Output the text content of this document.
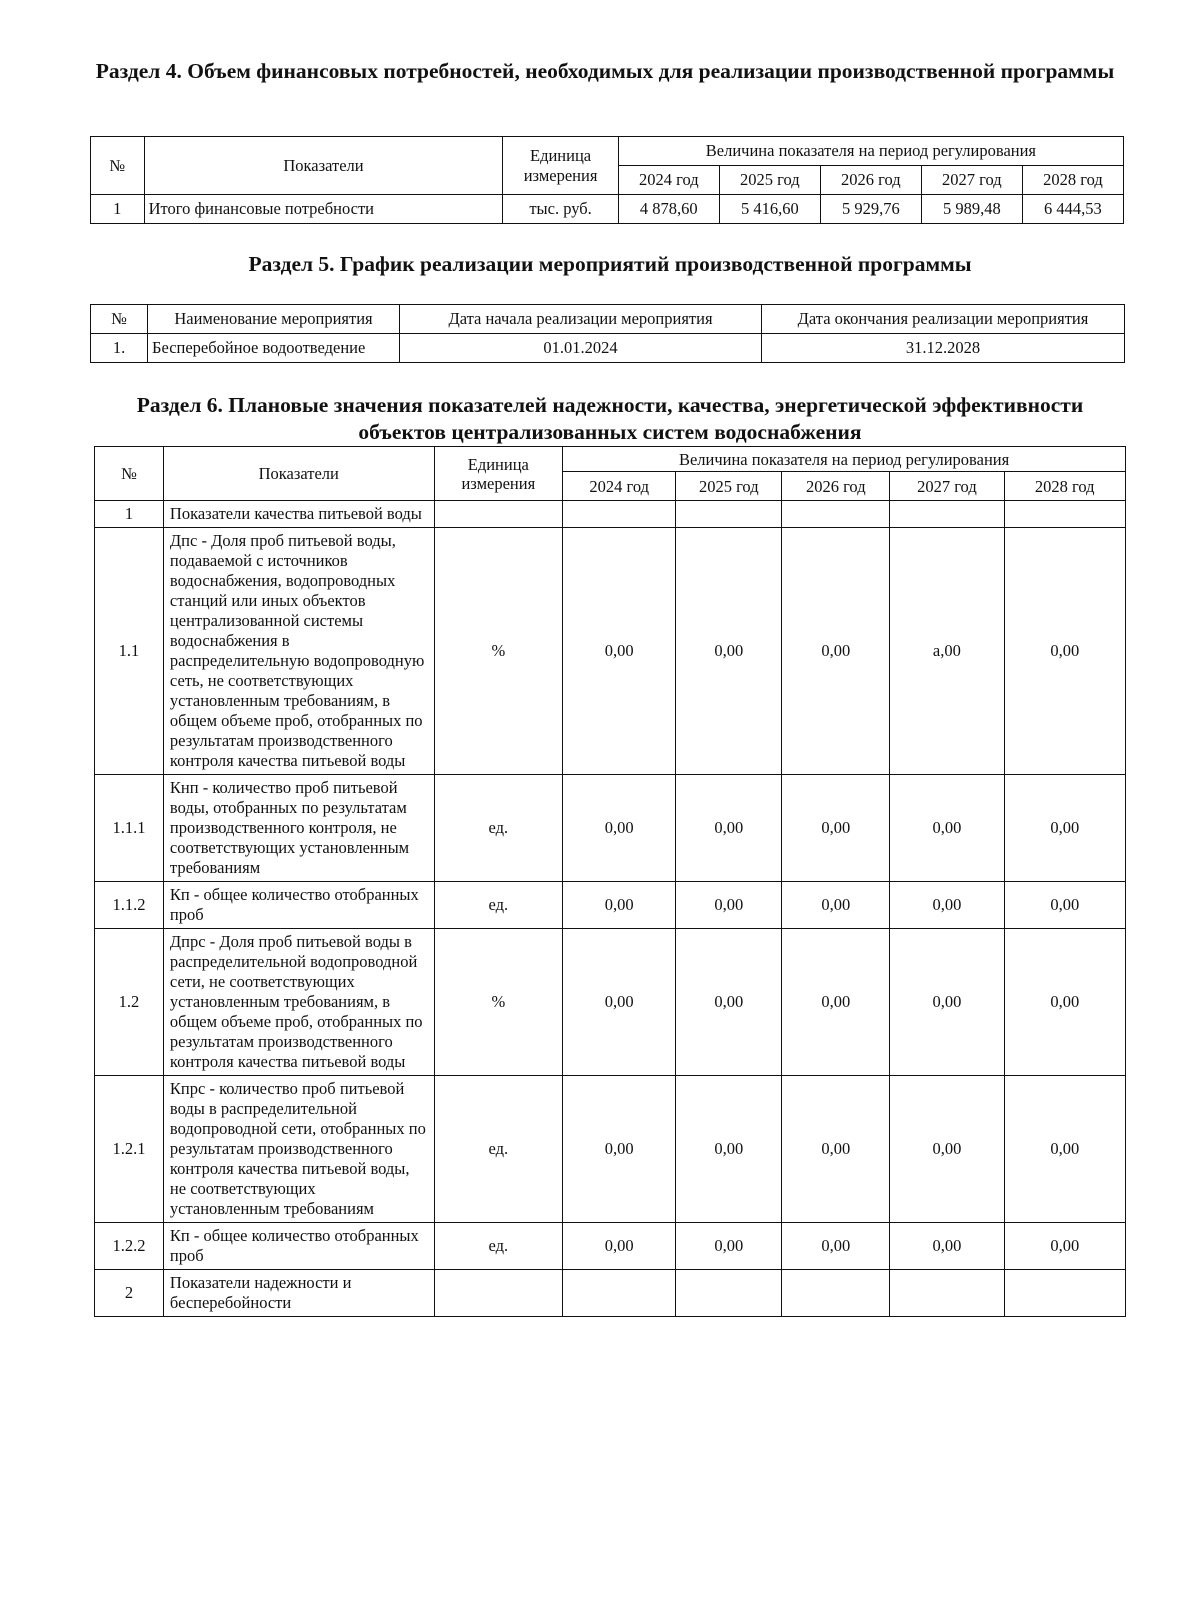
Раздел 4. Объем финансовых потребностей, необходимых для реализации производственной программы
№	Показатели	Единица измерения	Величина показателя на период регулирования				
			2024 год	2025 год	2026 год	2027 год	2028 год
1	Итого финансовые потребности	тыс. руб.	4 878,60	5 416,60	5 929,76	5 989,48	6 444,53
Раздел 5. График реализации мероприятий производственной программы
№	Наименование мероприятия	Дата начала реализации мероприятия	Дата окончания реализации мероприятия
1.	Бесперебойное водоотведение	01.01.2024	31.12.2028
Раздел 6. Плановые значения показателей надежности, качества, энергетической эффективности объектов централизованных систем водоснабжения
№	Показатели	Единица измерения	Величина показателя на период регулирования				
			2024 год	2025 год	2026 год	2027 год	2028 год
1	Показатели качества питьевой воды						
1.1	Дпс - Доля проб питьевой воды, подаваемой с источников водоснабжения, водопроводных станций или иных объектов централизованной системы водоснабжения в распределительную водопроводную сеть, не соответствующих установленным требованиям, в общем объеме проб, отобранных по результатам производственного контроля качества питьевой воды	%	0,00	0,00	0,00	а,00	0,00
1.1.1	Кнп - количество проб питьевой воды, отобранных по результатам производственного контроля, не соответствующих установленным требованиям	ед.	0,00	0,00	0,00	0,00	0,00
1.1.2	Кп - общее количество отобранных проб	ед.	0,00	0,00	0,00	0,00	0,00
1.2	Дпрс - Доля проб питьевой воды в распределительной водопроводной сети, не соответствующих установленным требованиям, в общем объеме проб, отобранных по результатам производственного контроля качества питьевой воды	%	0,00	0,00	0,00	0,00	0,00
1.2.1	Кпрс - количество проб питьевой воды в распределительной водопроводной сети, отобранных по результатам производственного контроля качества питьевой воды, не соответствующих установленным требованиям	ед.	0,00	0,00	0,00	0,00	0,00
1.2.2	Кп - общее количество отобранных проб	ед.	0,00	0,00	0,00	0,00	0,00
2	Показатели надежности и бесперебойности						
